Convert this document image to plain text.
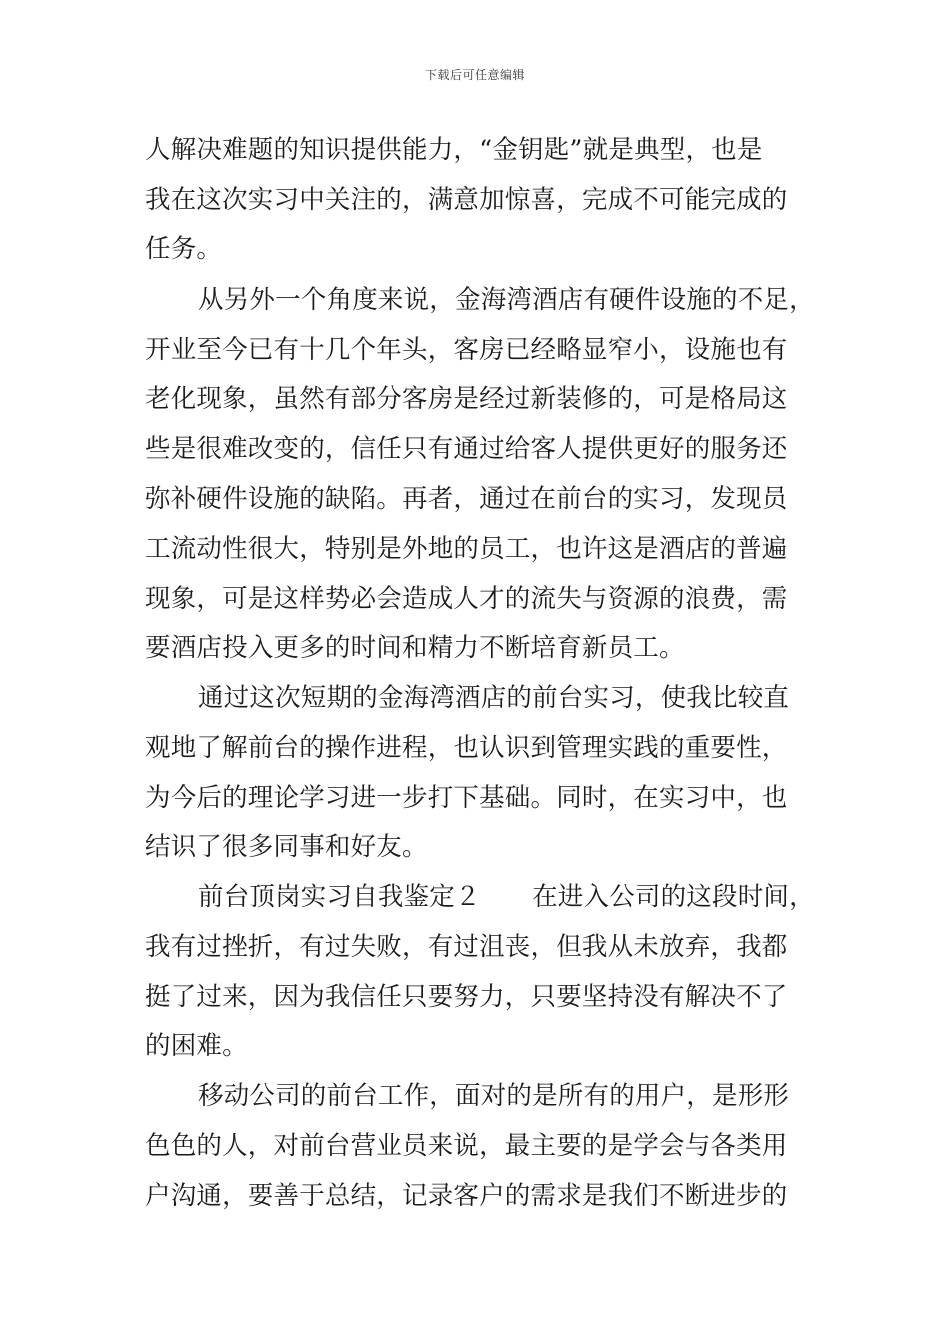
下载后可任意编辑
人解决难题的知识提供能力，“金钥匙”就是典型，也是
我在这次实习中关注的，满意加惊喜，完成不可能完成的
任务。
从另外一个角度来说，金海湾酒店有硬件设施的不足，
开业至今已有十几个年头，客房已经略显窄小，设施也有
老化现象，虽然有部分客房是经过新装修的，可是格局这
些是很难改变的，信任只有通过给客人提供更好的服务还
弥补硬件设施的缺陷。再者，通过在前台的实习，发现员
工流动性很大，特别是外地的员工，也许这是酒店的普遍
现象，可是这样势必会造成人才的流失与资源的浪费，需
要酒店投入更多的时间和精力不断培育新员工。
通过这次短期的金海湾酒店的前台实习，使我比较直
观地了解前台的操作进程，也认识到管理实践的重要性，
为今后的理论学习进一步打下基础。同时，在实习中，也
结识了很多同事和好友。
前台顶岗实习自我鉴定２　　在进入公司的这段时间，
我有过挫折，有过失败，有过沮丧，但我从未放弃，我都
挺了过来，因为我信任只要努力，只要坚持没有解决不了
的困难。
移动公司的前台工作，面对的是所有的用户，是形形
色色的人，对前台营业员来说，最主要的是学会与各类用
户沟通，要善于总结，记录客户的需求是我们不断进步的
